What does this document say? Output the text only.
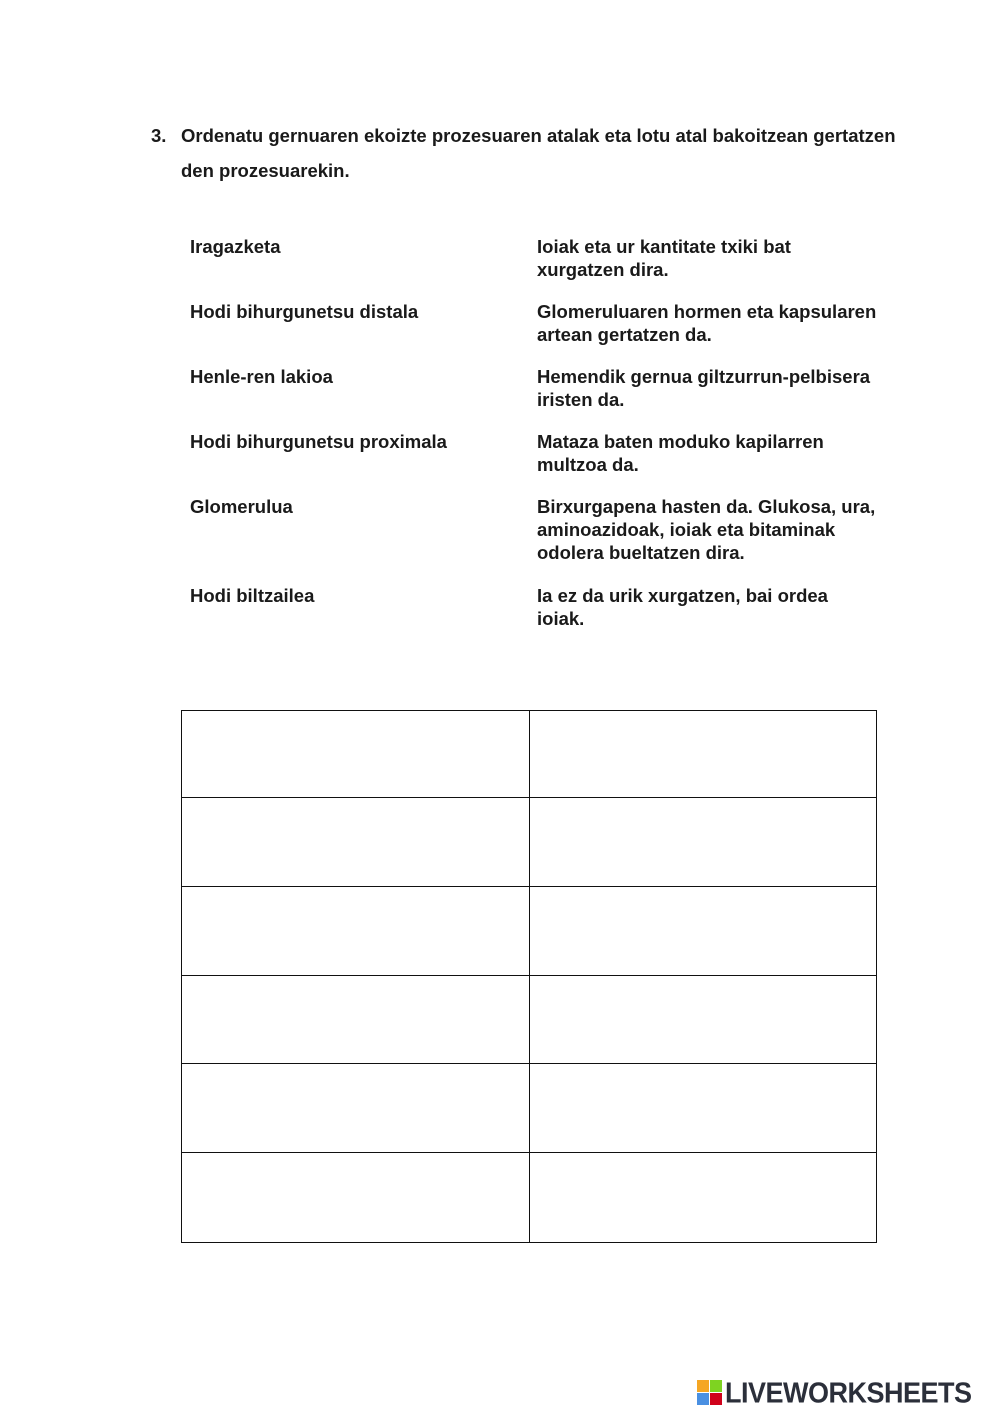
3. Ordenatu gernuaren ekoizte prozesuaren atalak eta lotu atal bakoitzean gertatzen den prozesuarekin.
Iragazketa	Ioiak eta ur kantitate txiki bat xurgatzen dira.
Hodi bihurgunetsu distala	Glomeruluaren hormen eta kapsularen artean gertatzen da.
Henle-ren lakioa	Hemendik gernua giltzurrun-pelbisera iristen da.
Hodi bihurgunetsu proximala	Mataza baten moduko kapilarren multzoa da.
Glomerulua	Birxurgapena hasten da. Glukosa, ura, aminoazidoak, ioiak eta bitaminak odolera bueltatzen dira.
Hodi biltzailea	Ia ez da urik xurgatzen, bai ordea ioiak.

LIVEWORKSHEETS
